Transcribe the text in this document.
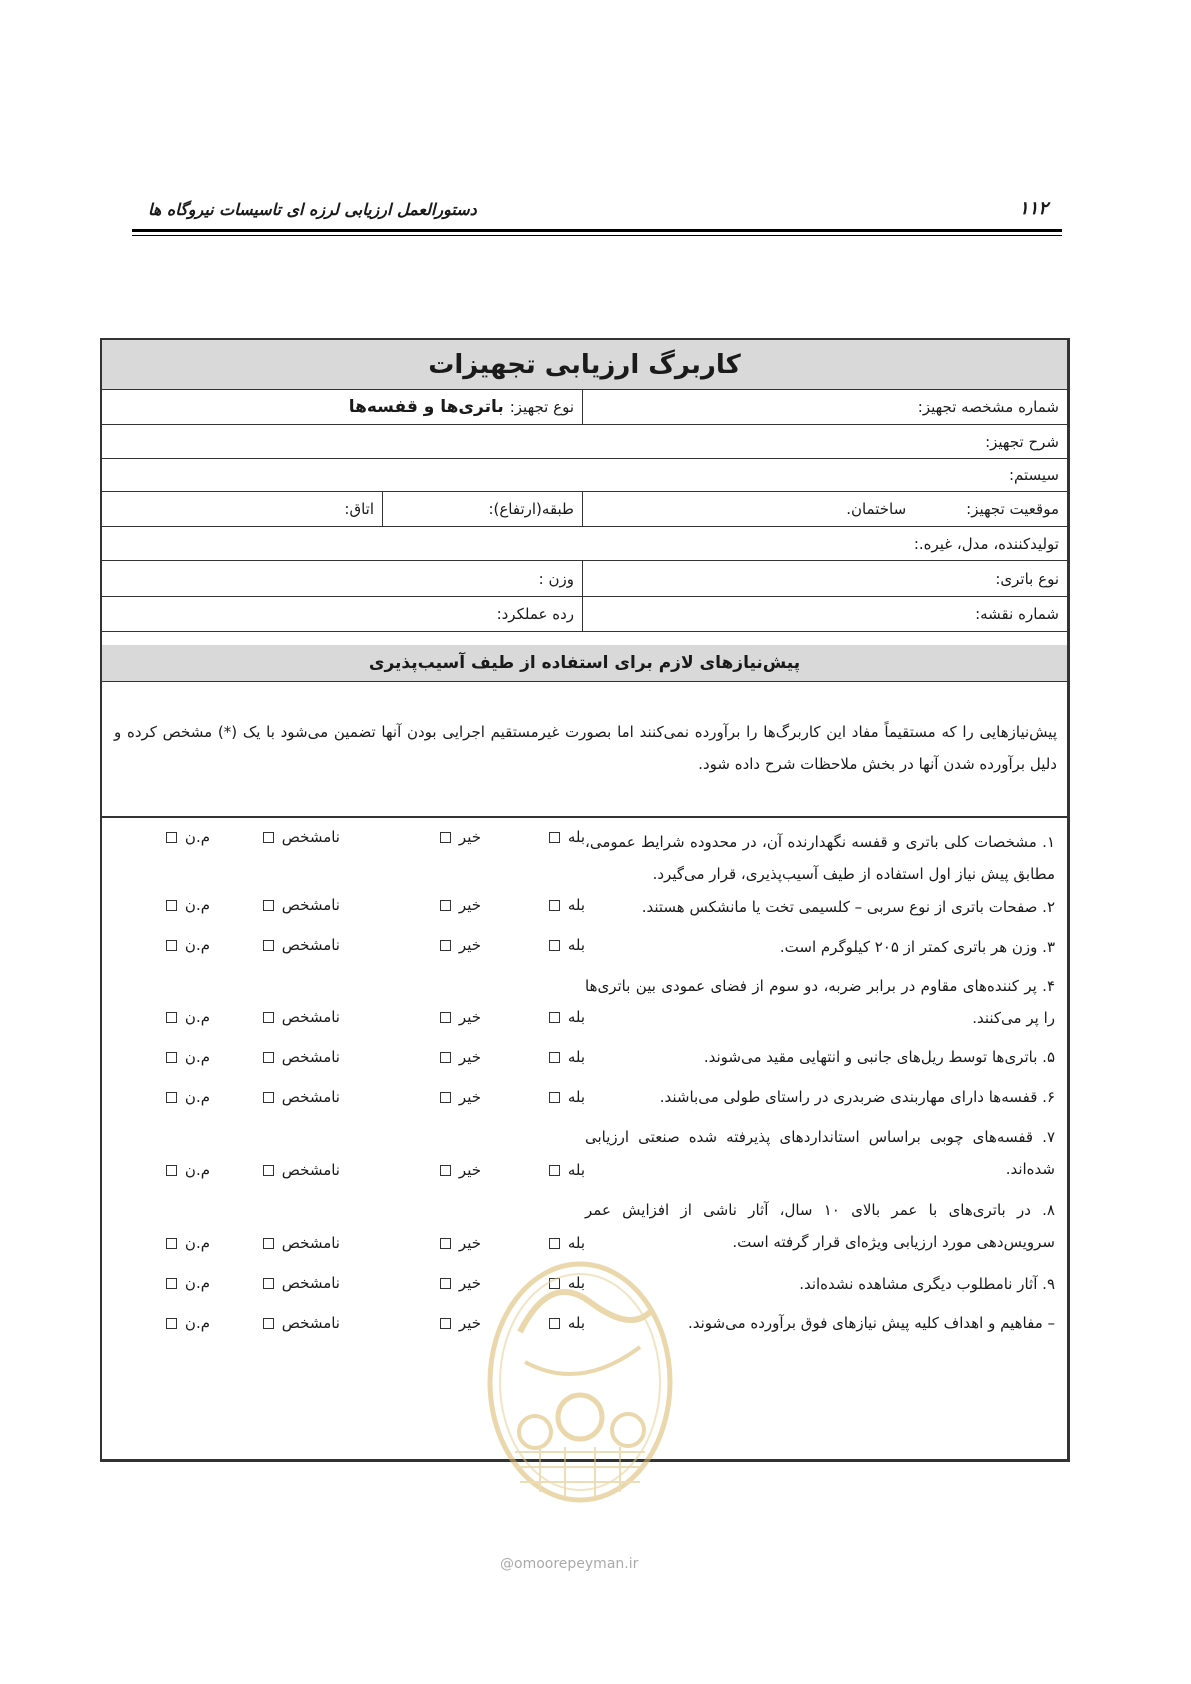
دستورالعمل ارزیابی لرزه ای تاسیسات نیروگاه ها	۱۱۲
کاربرگ ارزیابی تجهیزات
شماره مشخصه تجهیز:
نوع تجهیز:
باتری‌ها و قفسه‌ها
شرح تجهیز:
سیستم:
موقعیت تجهیز:
ساختمان.
طبقه(ارتفاع):
اتاق:
تولیدکننده، مدل، غیره.:
نوع باتری:
وزن :
شماره نقشه:
رده عملکرد:
پیش‌نیازهای لازم برای استفاده از طیف آسیب‌پذیری
پیش‌نیازهایی را که مستقیماً مفاد این کاربرگ‌ها را برآورده نمی‌کنند اما بصورت غیرمستقیم اجرایی بودن آنها تضمین می‌شود با یک (*) مشخص کرده و دلیل برآورده شدن آنها در بخش ملاحظات شرح داده شود.
۱. مشخصات کلی باتری و قفسه نگهدارنده آن، در محدوده شرایط عمومی، مطابق پیش نیاز اول استفاده از طیف آسیب‌پذیری، قرار می‌گیرد.
بله
خیر
نامشخص
م.ن
۲. صفحات باتری از نوع سربی – کلسیمی تخت یا مانشکس هستند.
بله
خیر
نامشخص
م.ن
۳. وزن هر باتری کمتر از ۲۰۵ کیلوگرم است.
بله
خیر
نامشخص
م.ن
۴. پر کننده‌های مقاوم در برابر ضربه، دو سوم از فضای عمودی بین باتری‌ها را پر می‌کنند.
بله
خیر
نامشخص
م.ن
۵. باتری‌ها توسط ریل‌های جانبی و انتهایی مقید می‌شوند.
بله
خیر
نامشخص
م.ن
۶. قفسه‌ها دارای مهاربندی ضربدری در راستای طولی می‌باشند.
بله
خیر
نامشخص
م.ن
۷. قفسه‌های چوبی براساس استانداردهای پذیرفته شده صنعتی ارزیابی شده‌اند.
بله
خیر
نامشخص
م.ن
۸. در باتری‌های با عمر بالای ۱۰ سال، آثار ناشی از افزایش عمر سرویس‌دهی مورد ارزیابی ویژه‌ای قرار گرفته است.
بله
خیر
نامشخص
م.ن
۹. آثار نامطلوب دیگری مشاهده نشده‌اند.
بله
خیر
نامشخص
م.ن
– مفاهیم و اهداف کلیه پیش نیازهای فوق برآورده می‌شوند.
بله
خیر
نامشخص
م.ن
@omoorepeyman.ir
